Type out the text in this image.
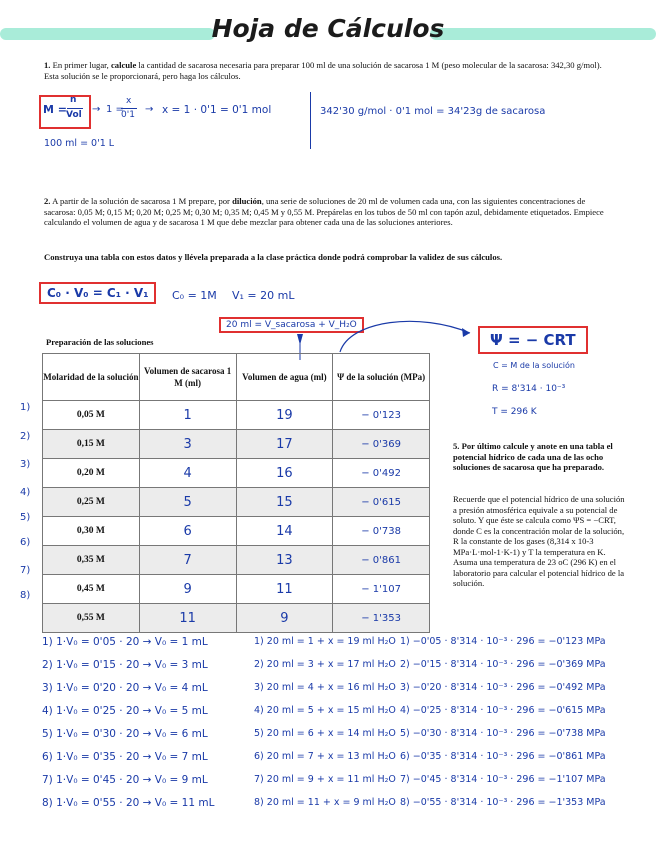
Hoja de Cálculos
1. En primer lugar, calcule la cantidad de sacarosa necesaria para preparar 100 ml de una solución de sacarosa 1 M (peso molecular de la sacarosa: 342,30 g/mol). Esta solución se le proporcionará, pero haga los cálculos.
M =
n
Vol → 1 =
x
0'1 → x = 1 · 0'1 = 0'1 mol	342'30 g/mol · 0'1 mol = 34'23g de sacarosa
100 ml = 0'1 L
2. A partir de la solución de sacarosa 1 M prepare, por dilución, una serie de soluciones de 20 ml de volumen cada una, con las siguientes concentraciones de sacarosa: 0,05 M; 0,15 M; 0,20 M; 0,25 M; 0,30 M; 0,35 M; 0,45 M y 0,55 M. Prepárelas en los tubos de 50 ml con tapón azul, debidamente etiquetados. Empiece calculando el volumen de agua y de sacarosa 1 M que debe mezclar para obtener cada una de las soluciones anteriores.
Construya una tabla con estos datos y llévela preparada a la clase práctica donde podrá comprobar la validez de sus cálculos.
C₀ · V₀ = C₁ · V₁	C₀ = 1M V₁ = 20 mL
20 ml = V_sacarosa + V_H₂O
Ψ = − CRT
C = M de la solución
R = 8'314 · 10⁻³
T = 296 K
Preparación de las soluciones
Molaridad de la solución	Volumen de sacarosa 1 M (ml)	Volumen de agua (ml)	Ψ de la solución (MPa)
0,05 M	1	19	− 0'123
0,15 M	3	17	− 0'369
0,20 M	4	16	− 0'492
0,25 M	5	15	− 0'615
0,30 M	6	14	− 0'738
0,35 M	7	13	− 0'861
0,45 M	9	11	− 1'107
0,55 M	11	9	− 1'353
1)
2)
3)
4)
5)
6)
7)
8)
5. Por último calcule y anote en una tabla el potencial hídrico de cada una de las ocho soluciones de sacarosa que ha preparado.
Recuerde que el potencial hídrico de una solución a presión atmosférica equivale a su potencial de soluto. Y que éste se calcula como ΨS = −CRT, donde C es la concentración molar de la solución, R la constante de los gases (8,314 x 10-3 MPa·L·mol-1·K-1) y T la temperatura en K. Asuma una temperatura de 23 oC (296 K) en el laboratorio para calcular el potencial hídrico de la solución.
1) 1·V₀ = 0'05 · 20 → V₀ = 1 mL
2) 1·V₀ = 0'15 · 20 → V₀ = 3 mL
3) 1·V₀ = 0'20 · 20 → V₀ = 4 mL
4) 1·V₀ = 0'25 · 20 → V₀ = 5 mL
5) 1·V₀ = 0'30 · 20 → V₀ = 6 mL
6) 1·V₀ = 0'35 · 20 → V₀ = 7 mL
7) 1·V₀ = 0'45 · 20 → V₀ = 9 mL
8) 1·V₀ = 0'55 · 20 → V₀ = 11 mL
1) 20 ml = 1 + x = 19 ml H₂O
2) 20 ml = 3 + x = 17 ml H₂O
3) 20 ml = 4 + x = 16 ml H₂O
4) 20 ml = 5 + x = 15 ml H₂O
5) 20 ml = 6 + x = 14 ml H₂O
6) 20 ml = 7 + x = 13 ml H₂O
7) 20 ml = 9 + x = 11 ml H₂O
8) 20 ml = 11 + x = 9 ml H₂O
1) −0'05 · 8'314 · 10⁻³ · 296 = −0'123 MPa
2) −0'15 · 8'314 · 10⁻³ · 296 = −0'369 MPa
3) −0'20 · 8'314 · 10⁻³ · 296 = −0'492 MPa
4) −0'25 · 8'314 · 10⁻³ · 296 = −0'615 MPa
5) −0'30 · 8'314 · 10⁻³ · 296 = −0'738 MPa
6) −0'35 · 8'314 · 10⁻³ · 296 = −0'861 MPa
7) −0'45 · 8'314 · 10⁻³ · 296 = −1'107 MPa
8) −0'55 · 8'314 · 10⁻³ · 296 = −1'353 MPa
